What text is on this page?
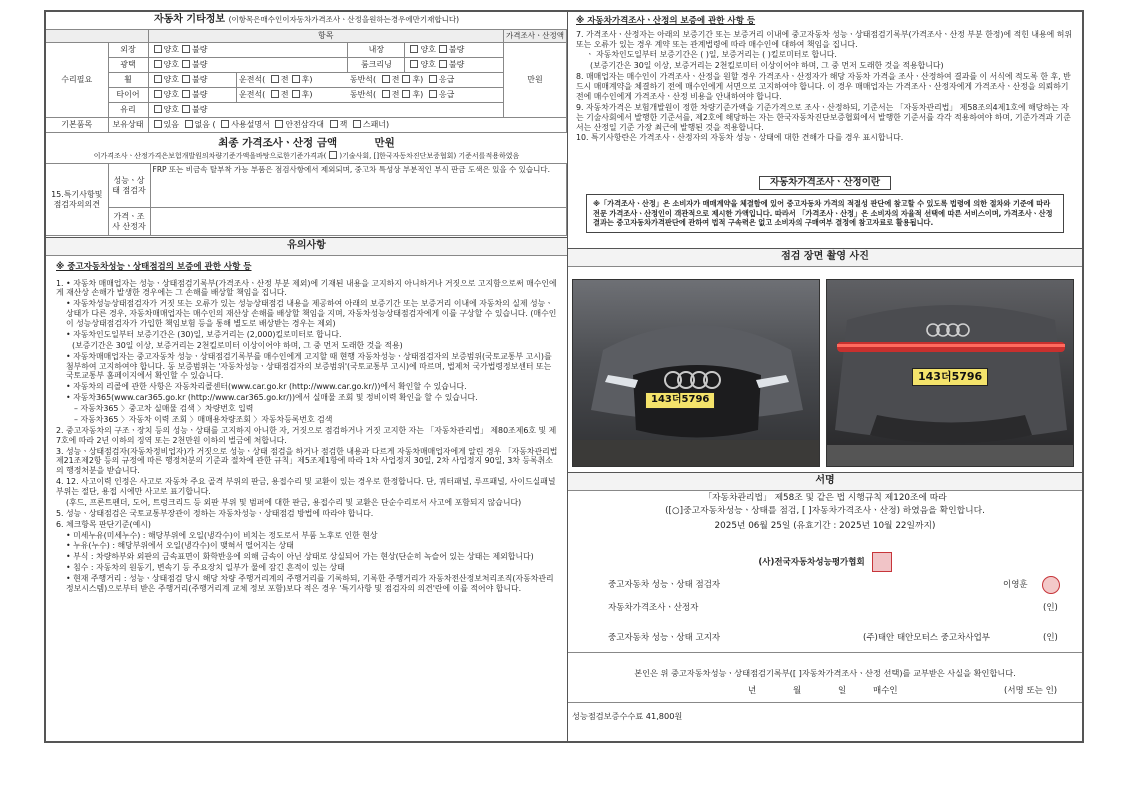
자동차 기타정보 (이항목은매수인이자동차가격조사ㆍ산정을원하는경우에만기재합니다)
		항목				가격조사ㆍ산정액
수리필요	외장	양호 불량		내장	양호 불량	만원
	광택	양호 불량		룸크리닝	양호 불량	
	휠	양호 불량	운전석( 전 후)	동반석( 전 후) 응급		
	타이어	양호 불량	운전석( 전 후)	동반석( 전 후) 응급		
	유리	양호 불량				
기본품목	보유상태	있음 없음 ( 사용설명서 안전삼각대 잭 스패너)				
최종 가격조사ㆍ산정 금액	만원
이가격조사ㆍ산정가격은보험개발원의차량기준가액을바탕으로한기준가격과( )기술사회, []한국자동차진단보증협회) 기준서를적용하였음
15.특기사항및 점검자의의견	성능ㆍ상태 점검자	FRP 또는 비금속 탈부착 가능 부품은 점검사항에서 제외되며, 중고차 특성상 부분적인 부식 판금 도색은 있을 수 있습니다.
	가격ㆍ조사 산정자	
유의사항
※ 중고자동차성능ㆍ상태점검의 보증에 관한 사항 등
1. • 자동차 매매업자는 성능ㆍ상태점검기록부(가격조사ㆍ산정 부분 제외)에 기재된 내용을 고지하지 아니하거나 거짓으로 고지함으로써 매수인에게 재산상 손해가 발생한 경우에는 그 손해를 배상할 책임을 집니다.
• 자동차성능상태점검자가 거짓 또는 오류가 있는 성능상태점검 내용을 제공하여 아래의 보증기간 또는 보증거리 이내에 자동차의 실제 성능ㆍ상태가 다른 경우, 자동차매매업자는 매수인의 재산상 손해를 배상할 책임을 지며, 자동차성능상태점검자에게 이를 구상할 수 있습니다. (매수인이 성능상태점검자가 가입한 책임보험 등을 통해 별도로 배상받는 경우는 제외)
• 자동차인도일부터 보증기간은 (30)일, 보증거리는 (2,000)킬로미터로 합니다.
(보증기간은 30일 이상, 보증거리는 2천킬로미터 이상이어야 하며, 그 중 먼저 도래한 것을 적용)
• 자동차매매업자는 중고자동차 성능ㆍ상태점검기록부를 매수인에게 고지할 때 현행 자동차성능ㆍ상태점검자의 보증범위(국토교통부 고시)를 첨부하여 고지하여야 합니다. 동 보증범위는 '자동차성능ㆍ상태점검자의 보증범위'(국토교통부 고시)에 따르며, 법제처 국가법령정보센터 또는 국토교통부 홈페이지에서 확인할 수 있습니다.
• 자동차의 리콜에 관한 사항은 자동차리콜센터(www.car.go.kr (http://www.car.go.kr/))에서 확인할 수 있습니다.
• 자동차365(www.car365.go.kr (http://www.car365.go.kr/))에서 실매물 조회 및 정비이력 확인을 할 수 있습니다.
– 자동차365 〉중고차 실매물 검색 〉차량번호 입력
– 자동차365 〉자동차 이력 조회 〉매매용차량조회 〉자동차등록번호 검색
2. 중고자동차의 구조ㆍ장치 등의 성능ㆍ상태를 고지하지 아니한 자, 거짓으로 점검하거나 거짓 고지한 자는 「자동차관리법」 제80조제6호 및 제7호에 따라 2년 이하의 징역 또는 2천만원 이하의 벌금에 처합니다.
3. 성능ㆍ상태점검자(자동차정비업자)가 거짓으로 성능ㆍ상태 점검을 하거나 점검한 내용과 다르게 자동차매매업자에게 알린 경우 「자동차관리법 제21조제2항 등의 규정에 따른 행정처분의 기준과 절차에 관한 규칙」제5조제1항에 따라 1차 사업정지 30일, 2차 사업정지 90일, 3차 등록취소의 행정처분을 받습니다.
4. 12. 사고이력 인정은 사고로 자동차 주요 골격 부위의 판금, 용접수리 및 교환이 있는 경우로 한정합니다. 단, 쿼터패널, 루프패널, 사이드실패널 부위는 절단, 용접 시에만 사고로 표기합니다.
(후드, 프론트펜더, 도어, 트렁크리드 등 외판 부위 및 범퍼에 대한 판금, 용접수리 및 교환은 단순수리로서 사고에 포함되지 않습니다)
5. 성능ㆍ상태점검은 국토교통부장관이 정하는 자동차성능ㆍ상태점검 방법에 따라야 합니다.
6. 체크항목 판단기준(예시)
• 미세누유(미세누수) : 해당부위에 오일(냉각수)이 비치는 정도로서 부품 노후로 인한 현상
• 누유(누수) : 해당부위에서 오일(냉각수)이 맺혀서 떨어지는 상태
• 부식 : 차량하부와 외판의 금속표면이 화학반응에 의해 금속이 아닌 상태로 상실되어 가는 현상(단순히 녹슬어 있는 상태는 제외합니다)
• 침수 : 자동차의 원동기, 변속기 등 주요장치 일부가 물에 잠긴 흔적이 있는 상태
• 현재 주행거리 : 성능ㆍ상태점검 당시 해당 차량 주행거리계의 주행거리를 기록하되, 기록한 주행거리가 자동차전산정보처리조직(자동차관리정보시스템)으로부터 받은 주행거리(주행거리계 교체 정보 포함)보다 적은 경우 '특기사항 및 점검자의 의견'란에 이를 적어야 합니다.
※ 자동차가격조사ㆍ산정의 보증에 관한 사항 등
7. 가격조사ㆍ산정자는 아래의 보증기간 또는 보증거리 이내에 중고자동차 성능ㆍ상태점검기록부(가격조사ㆍ산정 부분 한정)에 적힌 내용에 허위 또는 오류가 있는 경우 계약 또는 관계법령에 따라 매수인에 대하여 책임을 집니다.
ㆍ 자동차인도일부터 보증기간은 ( )일, 보증거리는 ( )킬로미터로 합니다.
(보증기간은 30일 이상, 보증거리는 2천킬로미터 이상이어야 하며, 그 중 먼저 도래한 것을 적용합니다)
8. 매매업자는 매수인이 가격조사ㆍ산정을 원할 경우 가격조사ㆍ산정자가 해당 자동차 가격을 조사ㆍ산정하여 결과를 이 서식에 적도록 한 후, 반드시 매매계약을 체결하기 전에 매수인에게 서면으로 고지하여야 합니다. 이 경우 매매업자는 가격조사ㆍ산정자에게 가격조사ㆍ산정을 의뢰하기 전에 매수인에게 가격조사ㆍ산정 비용을 안내하여야 합니다.
9. 자동차가격은 보험개발원이 정한 차량기준가액을 기준가격으로 조사ㆍ산정하되, 기준서는 「자동차관리법」 제58조의4제1호에 해당하는 자는 기술사회에서 발행한 기준서를, 제2호에 해당하는 자는 한국자동차진단보증협회에서 발행한 기준서를 각각 적용하여야 하며, 기준가격과 기준서는 산정일 기준 가장 최근에 발행된 것을 적용합니다.
10. 특기사항란은 가격조사ㆍ산정자의 자동차 성능ㆍ상태에 대한 견해가 다를 경우 표시합니다.
자동차가격조사ㆍ산정이란
※「가격조사ㆍ산정」은 소비자가 매매계약을 체결함에 있어 중고자동차 가격의 적절성 판단에 참고할 수 있도록 법령에 의한 절차와 기준에 따라 전문 가격조사ㆍ산정인이 객관적으로 제시한 가액입니다. 따라서 「가격조사ㆍ산정」은 소비자의 자율적 선택에 따른 서비스이며, 가격조사ㆍ산정 결과는 중고자동차가격판단에 관하여 법적 구속력은 없고 소비자의 구매여부 결정에 참고자료로 활용됩니다.
점검 장면 촬영 사진
143더5796
143더5796
서명
「자동차관리법」 제58조 및 같은 법 시행규칙 제120조에 따라
([○]중고자동차성능ㆍ상태를 점검, [ ]자동차가격조사ㆍ산정) 하였음을 확인합니다.
2025년 06월 25일 (유효기간 : 2025년 10월 22일까지)
(사)전국자동차성능평가협회
중고자동차 성능ㆍ상태 점검자	이영훈
자동차가격조사ㆍ산정자	(인)
중고자동차 성능ㆍ상태 고지자	(주)태안 태안모터스 중고차사업부	(인)
본인은 위 중고자동차성능ㆍ상태점검기록부([ ]자동차가격조사ㆍ산정 선택)를 교부받은 사실을 확인합니다.
년	월	일	매수인	(서명 또는 인)
성능점검보증수수료 41,800원
